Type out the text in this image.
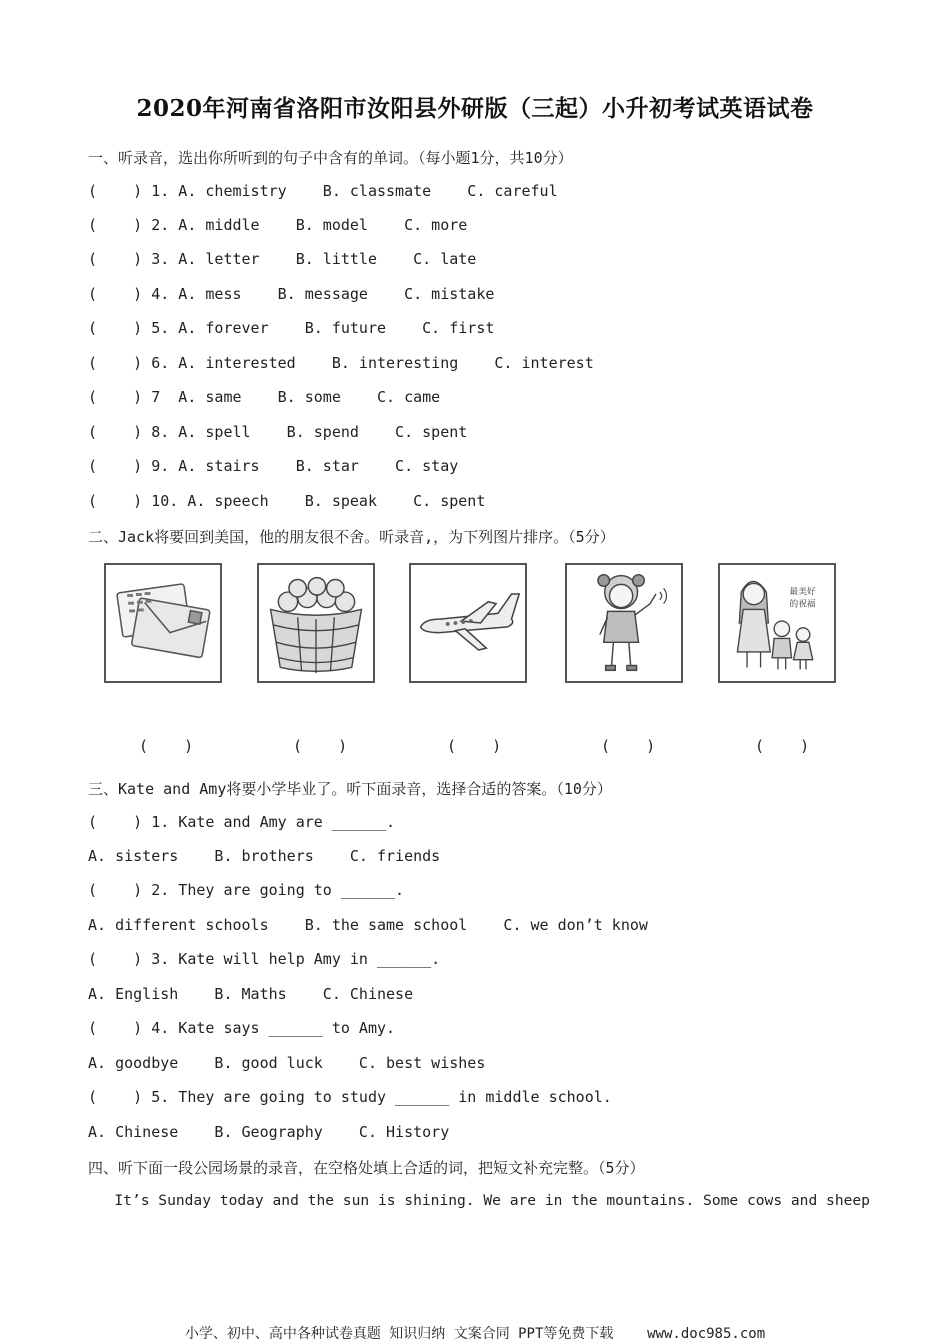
2020年河南省洛阳市汝阳县外研版（三起）小升初考试英语试卷
一、听录音，选出你所听到的句子中含有的单词。（每小题1分，共10分）
(    ) 1. A. chemistry    B. classmate    C. careful
(    ) 2. A. middle    B. model    C. more
(    ) 3. A. letter    B. little    C. late
(    ) 4. A. mess    B. message    C. mistake
(    ) 5. A. forever    B. future    C. first
(    ) 6. A. interested    B. interesting    C. interest
(    ) 7  A. same    B. some    C. came
(    ) 8. A. spell    B. spend    C. spent
(    ) 9. A. stairs    B. star    C. stay
(    ) 10. A. speech    B. speak    C. spent
二、Jack将要回到美国，他的朋友很不舍。听录音,，为下列图片排序。（5分）
最美好
的祝福
(    )	(    )	(    )	(    )	(    )
三、Kate and Amy将要小学毕业了。听下面录音，选择合适的答案。（10分）
(    ) 1. Kate and Amy are ______.
A. sisters    B. brothers    C. friends
(    ) 2. They are going to ______.
A. different schools    B. the same school    C. we don’t know
(    ) 3. Kate will help Amy in ______.
A. English    B. Maths    C. Chinese
(    ) 4. Kate says ______ to Amy.
A. goodbye    B. good luck    C. best wishes
(    ) 5. They are going to study ______ in middle school.
A. Chinese    B. Geography    C. History
四、听下面一段公园场景的录音，在空格处填上合适的词，把短文补充完整。（5分）
It’s Sunday today and the sun is shining. We are in the mountains. Some cows and sheep
小学、初中、高中各种试卷真题 知识归纳 文案合同 PPT等免费下载    www.doc985.com
